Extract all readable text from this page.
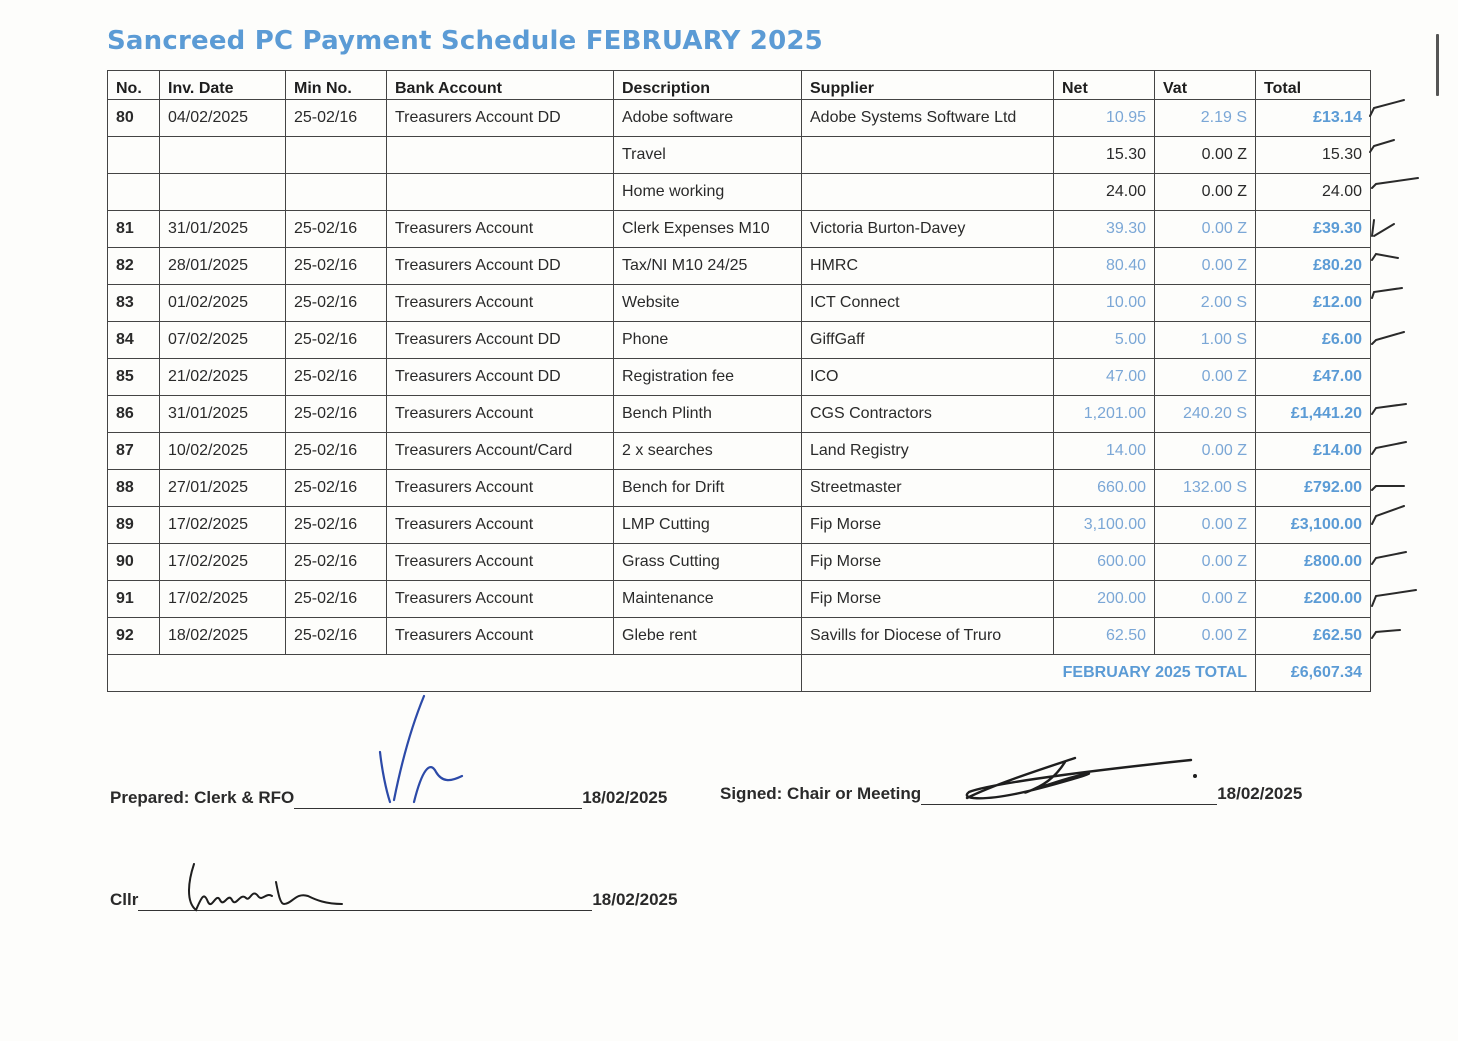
Sancreed PC Payment Schedule FEBRUARY 2025
No.	Inv. Date	Min No.	Bank Account	Description	Supplier	Net	Vat	Total
80	04/02/2025	25-02/16	Treasurers Account DD	Adobe software	Adobe Systems Software Ltd	10.95	2.19 S	£13.14
				Travel		15.30	0.00 Z	15.30
				Home working		24.00	0.00 Z	24.00
81	31/01/2025	25-02/16	Treasurers Account	Clerk Expenses M10	Victoria Burton-Davey	39.30	0.00 Z	£39.30
82	28/01/2025	25-02/16	Treasurers Account DD	Tax/NI M10 24/25	HMRC	80.40	0.00 Z	£80.20
83	01/02/2025	25-02/16	Treasurers Account	Website	ICT Connect	10.00	2.00 S	£12.00
84	07/02/2025	25-02/16	Treasurers Account DD	Phone	GiffGaff	5.00	1.00 S	£6.00
85	21/02/2025	25-02/16	Treasurers Account DD	Registration fee	ICO	47.00	0.00 Z	£47.00
86	31/01/2025	25-02/16	Treasurers Account	Bench Plinth	CGS Contractors	1,201.00	240.20 S	£1,441.20
87	10/02/2025	25-02/16	Treasurers Account/Card	2 x searches	Land Registry	14.00	0.00 Z	£14.00
88	27/01/2025	25-02/16	Treasurers Account	Bench for Drift	Streetmaster	660.00	132.00 S	£792.00
89	17/02/2025	25-02/16	Treasurers Account	LMP Cutting	Fip Morse	3,100.00	0.00 Z	£3,100.00
90	17/02/2025	25-02/16	Treasurers Account	Grass Cutting	Fip Morse	600.00	0.00 Z	£800.00
91	17/02/2025	25-02/16	Treasurers Account	Maintenance	Fip Morse	200.00	0.00 Z	£200.00
92	18/02/2025	25-02/16	Treasurers Account	Glebe rent	Savills for Diocese of Truro	62.50	0.00 Z	£62.50
					FEBRUARY 2025 TOTAL			£6,607.34
Prepared: Clerk & RFO	18/02/2025	Signed: Chair or Meeting	18/02/2025
Cllr	18/02/2025
